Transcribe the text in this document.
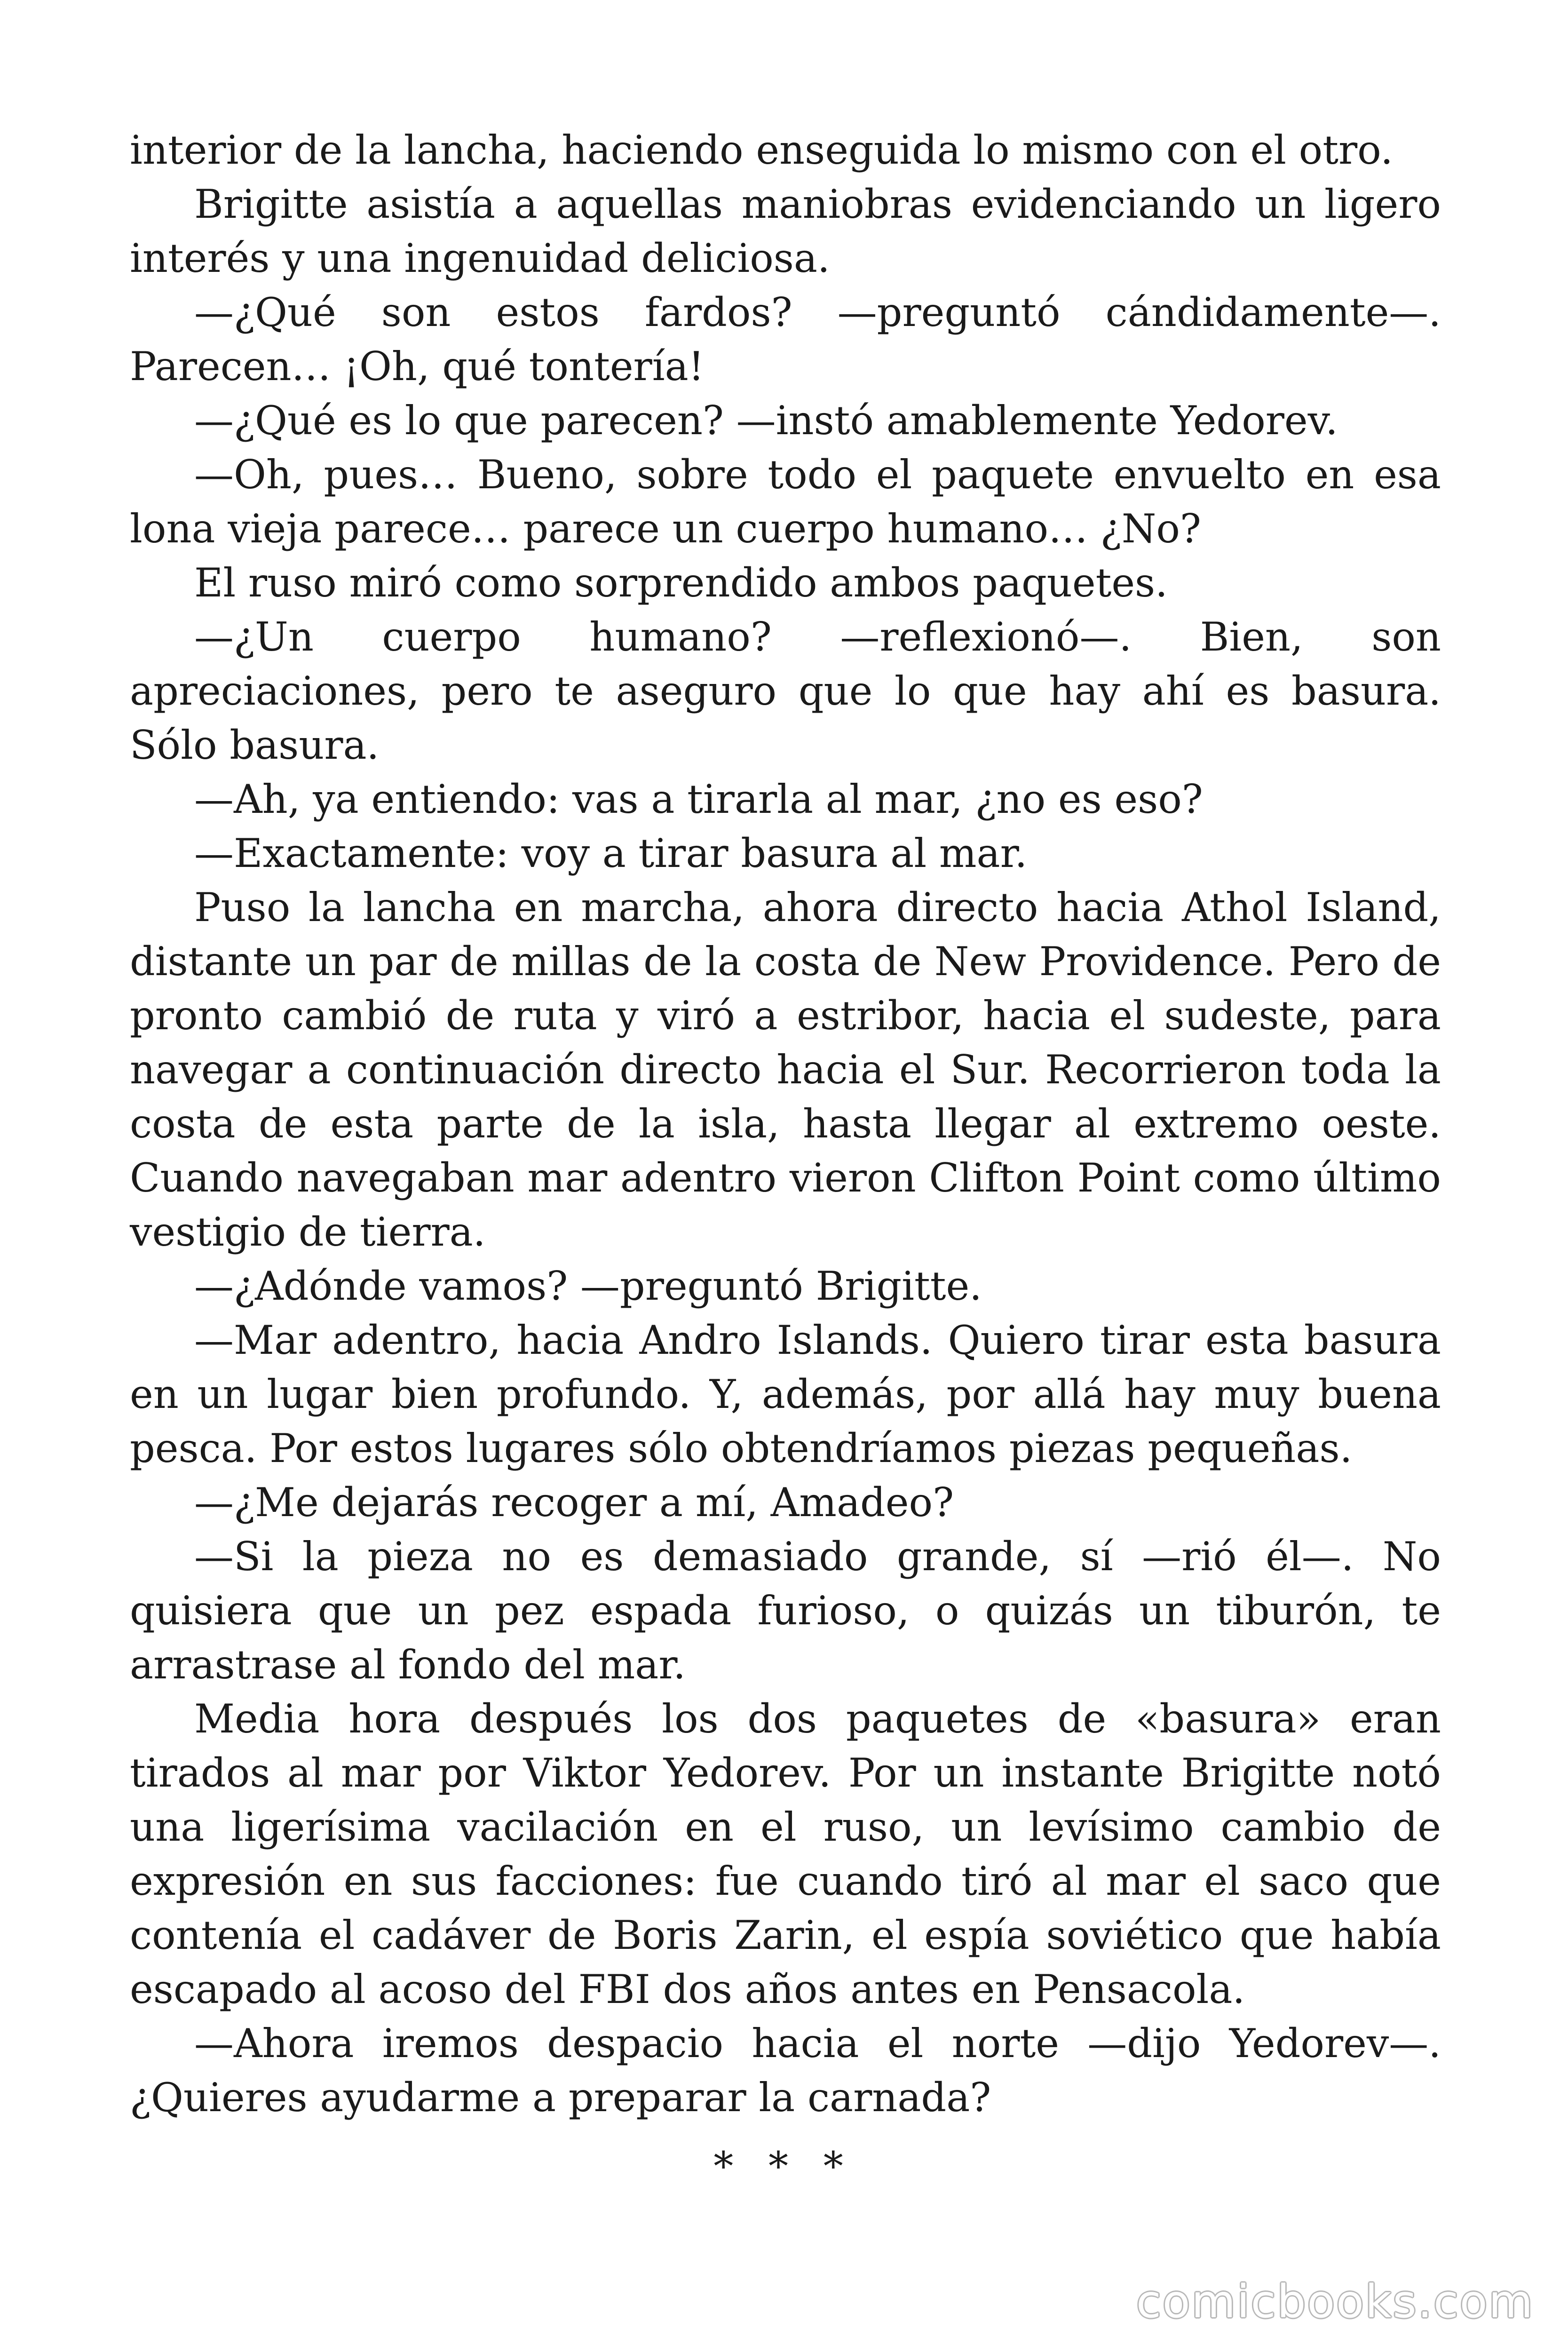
interior de la lancha, haciendo enseguida lo mismo con el otro.

Brigitte asistía a aquellas maniobras evidenciando un ligero interés y una ingenuidad deliciosa.

—¿Qué son estos fardos? —preguntó cándidamente—. Parecen… ¡Oh, qué tontería!

—¿Qué es lo que parecen? —instó amablemente Yedorev.

—Oh, pues… Bueno, sobre todo el paquete envuelto en esa lona vieja parece… parece un cuerpo humano… ¿No?

El ruso miró como sorprendido ambos paquetes.

—¿Un cuerpo humano? —reflexionó—. Bien, son apreciaciones, pero te aseguro que lo que hay ahí es basura. Sólo basura.

—Ah, ya entiendo: vas a tirarla al mar, ¿no es eso?

—Exactamente: voy a tirar basura al mar.

Puso la lancha en marcha, ahora directo hacia Athol Island, distante un par de millas de la costa de New Providence. Pero de pronto cambió de ruta y viró a estribor, hacia el sudeste, para navegar a continuación directo hacia el Sur. Recorrieron toda la costa de esta parte de la isla, hasta llegar al extremo oeste. Cuando navegaban mar adentro vieron Clifton Point como último vestigio de tierra.

—¿Adónde vamos? —preguntó Brigitte.

—Mar adentro, hacia Andro Islands. Quiero tirar esta basura en un lugar bien profundo. Y, además, por allá hay muy buena pesca. Por estos lugares sólo obtendríamos piezas pequeñas.

—¿Me dejarás recoger a mí, Amadeo?

—Si la pieza no es demasiado grande, sí —rió él—. No quisiera que un pez espada furioso, o quizás un tiburón, te arrastrase al fondo del mar.

Media hora después los dos paquetes de «basura» eran tirados al mar por Viktor Yedorev. Por un instante Brigitte notó una ligerísima vacilación en el ruso, un levísimo cambio de expresión en sus facciones: fue cuando tiró al mar el saco que contenía el cadáver de Boris Zarin, el espía soviético que había escapado al acoso del FBI dos años antes en Pensacola.

—Ahora iremos despacio hacia el norte —dijo Yedorev—. ¿Quieres ayudarme a preparar la carnada?

* * *
comicbooks.com
